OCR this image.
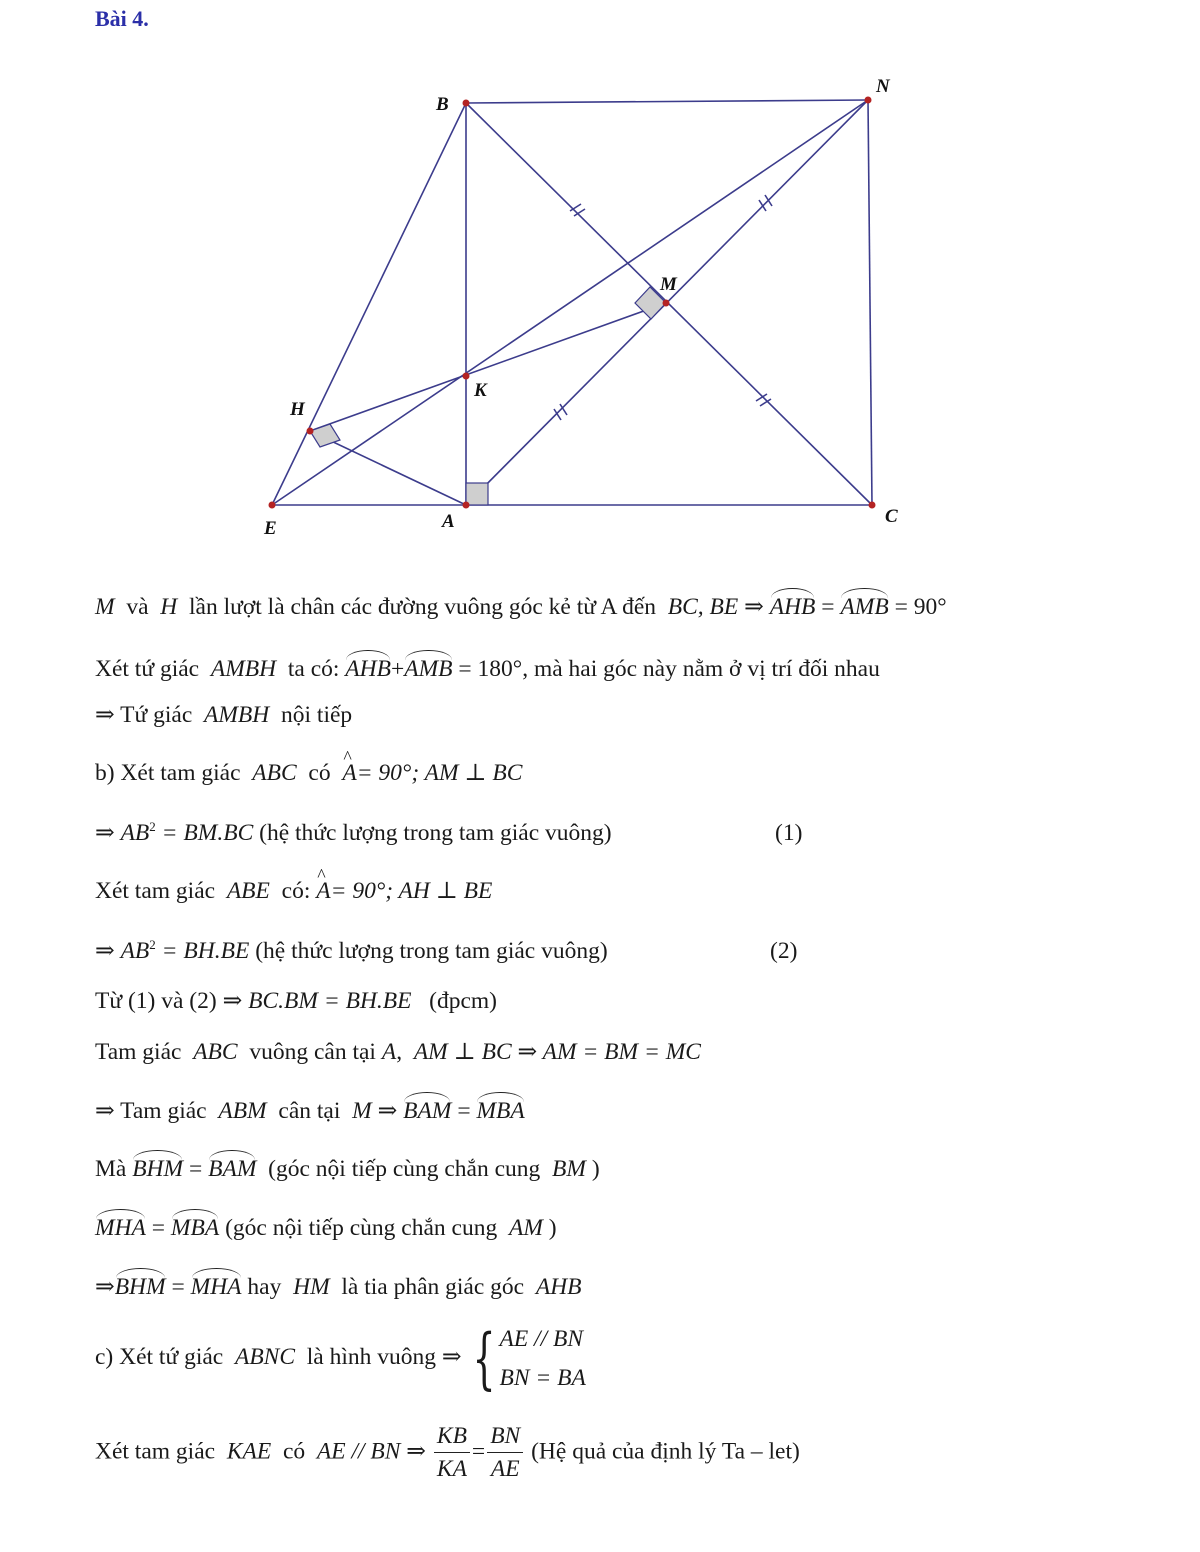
Bài 4.
B
N
M
K
H
E	A	C
M và H lần lượt là chân các đường vuông góc kẻ từ A đến BC, BE ⇒ AHB = AMB = 90°
Xét tứ giác AMBH ta có: AHB+AMB = 180°, mà hai góc này nằm ở vị trí đối nhau
⇒ Tứ giác AMBH nội tiếp
b) Xét tam giác ABC có ^ A= 90°; AM ⊥ BC
⇒ $AB^2 = BM.BC$ (hệ thức lượng trong tam giác vuông)	(1)
Xét tam giác ABE có: ^ A= 90°; AH ⊥ BE
⇒ $AB^2 = BH.BE$ (hệ thức lượng trong tam giác vuông)	(2)
Từ (1) và (2) ⇒ BC.BM = BH.BE (đpcm)
Tam giác ABC vuông cân tại A, AM ⊥ BC ⇒ AM = BM = MC
⇒ Tam giác ABM cân tại M ⇒ BAM = MBA
Mà BHM = BAM (góc nội tiếp cùng chắn cung BM )
MHA = MBA (góc nội tiếp cùng chắn cung AM )
⇒BHM = MHA hay HM là tia phân giác góc AHB
c) Xét tứ giác ABNC là hình vuông ⇒ { AE // BN
BN = BA
Xét tam giác KAE có AE // BN ⇒ $\frac{KB}{KA} = \frac{BN}{AE}$ (Hệ quả của định lý Ta – let)
